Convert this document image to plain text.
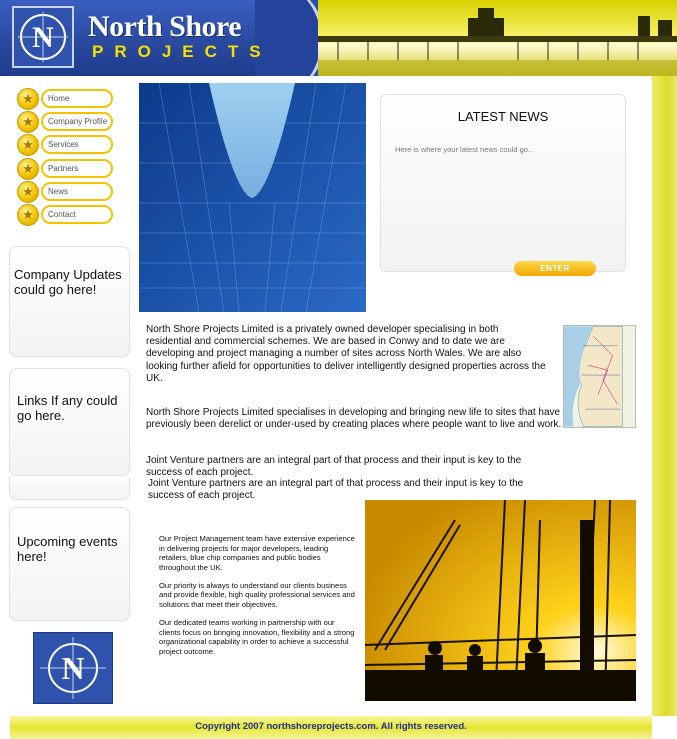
N North Shore
PROJECTS
★	Home
★	Company Profile
★	Services
★	Partners
★	News
★	Contact
Company Updates could go here!
Links If any could go here.
Upcoming events here!
N
LATEST NEWS
Here is where your latest news could go..
ENTER
North Shore Projects Limited is a privately owned developer specialising in both residential and commercial schemes. We are based in Conwy and to date we are developing and project managing a number of sites across North Wales. We are also looking further afield for opportunities to deliver intelligently designed properties across the UK.
North Shore Projects Limited specialises in developing and bringing new life to sites that have previously been derelict or under-used by creating places where people want to live and work.
Joint Venture partners are an integral part of that process and their input is key to the success of each project.
Joint Venture partners are an integral part of that process and their input is key to the success of each project.

Our Project Management team have extensive experience in delivering projects for major developers, leading retailers, blue chip companies and public bodies throughout the UK.

Our priority is always to understand our clients business and provide flexible, high quality professional services and solutions that meet their objectives.

Our dedicated teams working in partnership with our clients focus on bringing innovation, flexibility and a strong organizational capability in order to achieve a successful project outcome.

Copyright 2007 northshoreprojects.com. All rights reserved.
